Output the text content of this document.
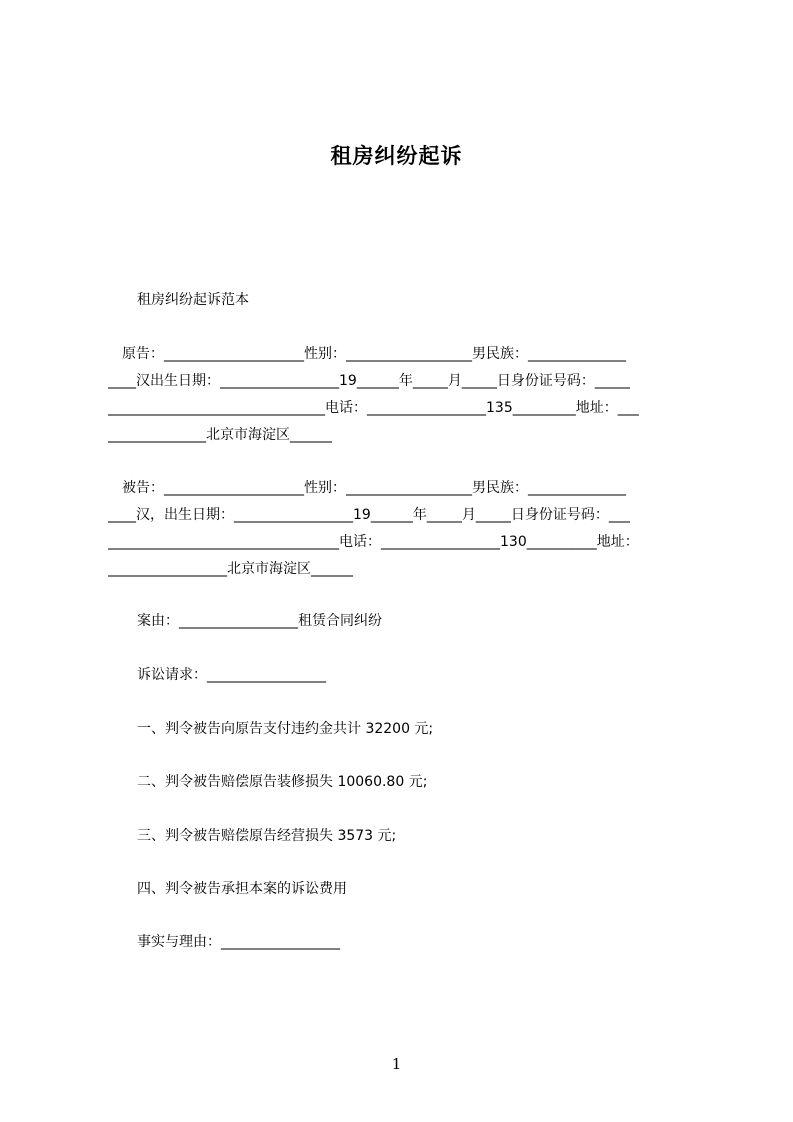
租房纠纷起诉
租房纠纷起诉范本
　原告：____________________性别：__________________男民族：______________
____汉出生日期：_________________19______年_____月_____日身份证号码：_____
_______________________________电话：_________________135_________地址：___
______________北京市海淀区______
　被告：____________________性别：__________________男民族：______________
____汉，出生日期：_________________19______年_____月_____日身份证号码：___
_________________________________电话：_________________130__________地址：
_________________北京市海淀区______
案由：_________________租赁合同纠纷
诉讼请求：_________________
一、判令被告向原告支付违约金共计 32200 元;
二、判令被告赔偿原告装修损失 10060.80 元;
三、判令被告赔偿原告经营损失 3573 元;
四、判令被告承担本案的诉讼费用
事实与理由：_________________
1
